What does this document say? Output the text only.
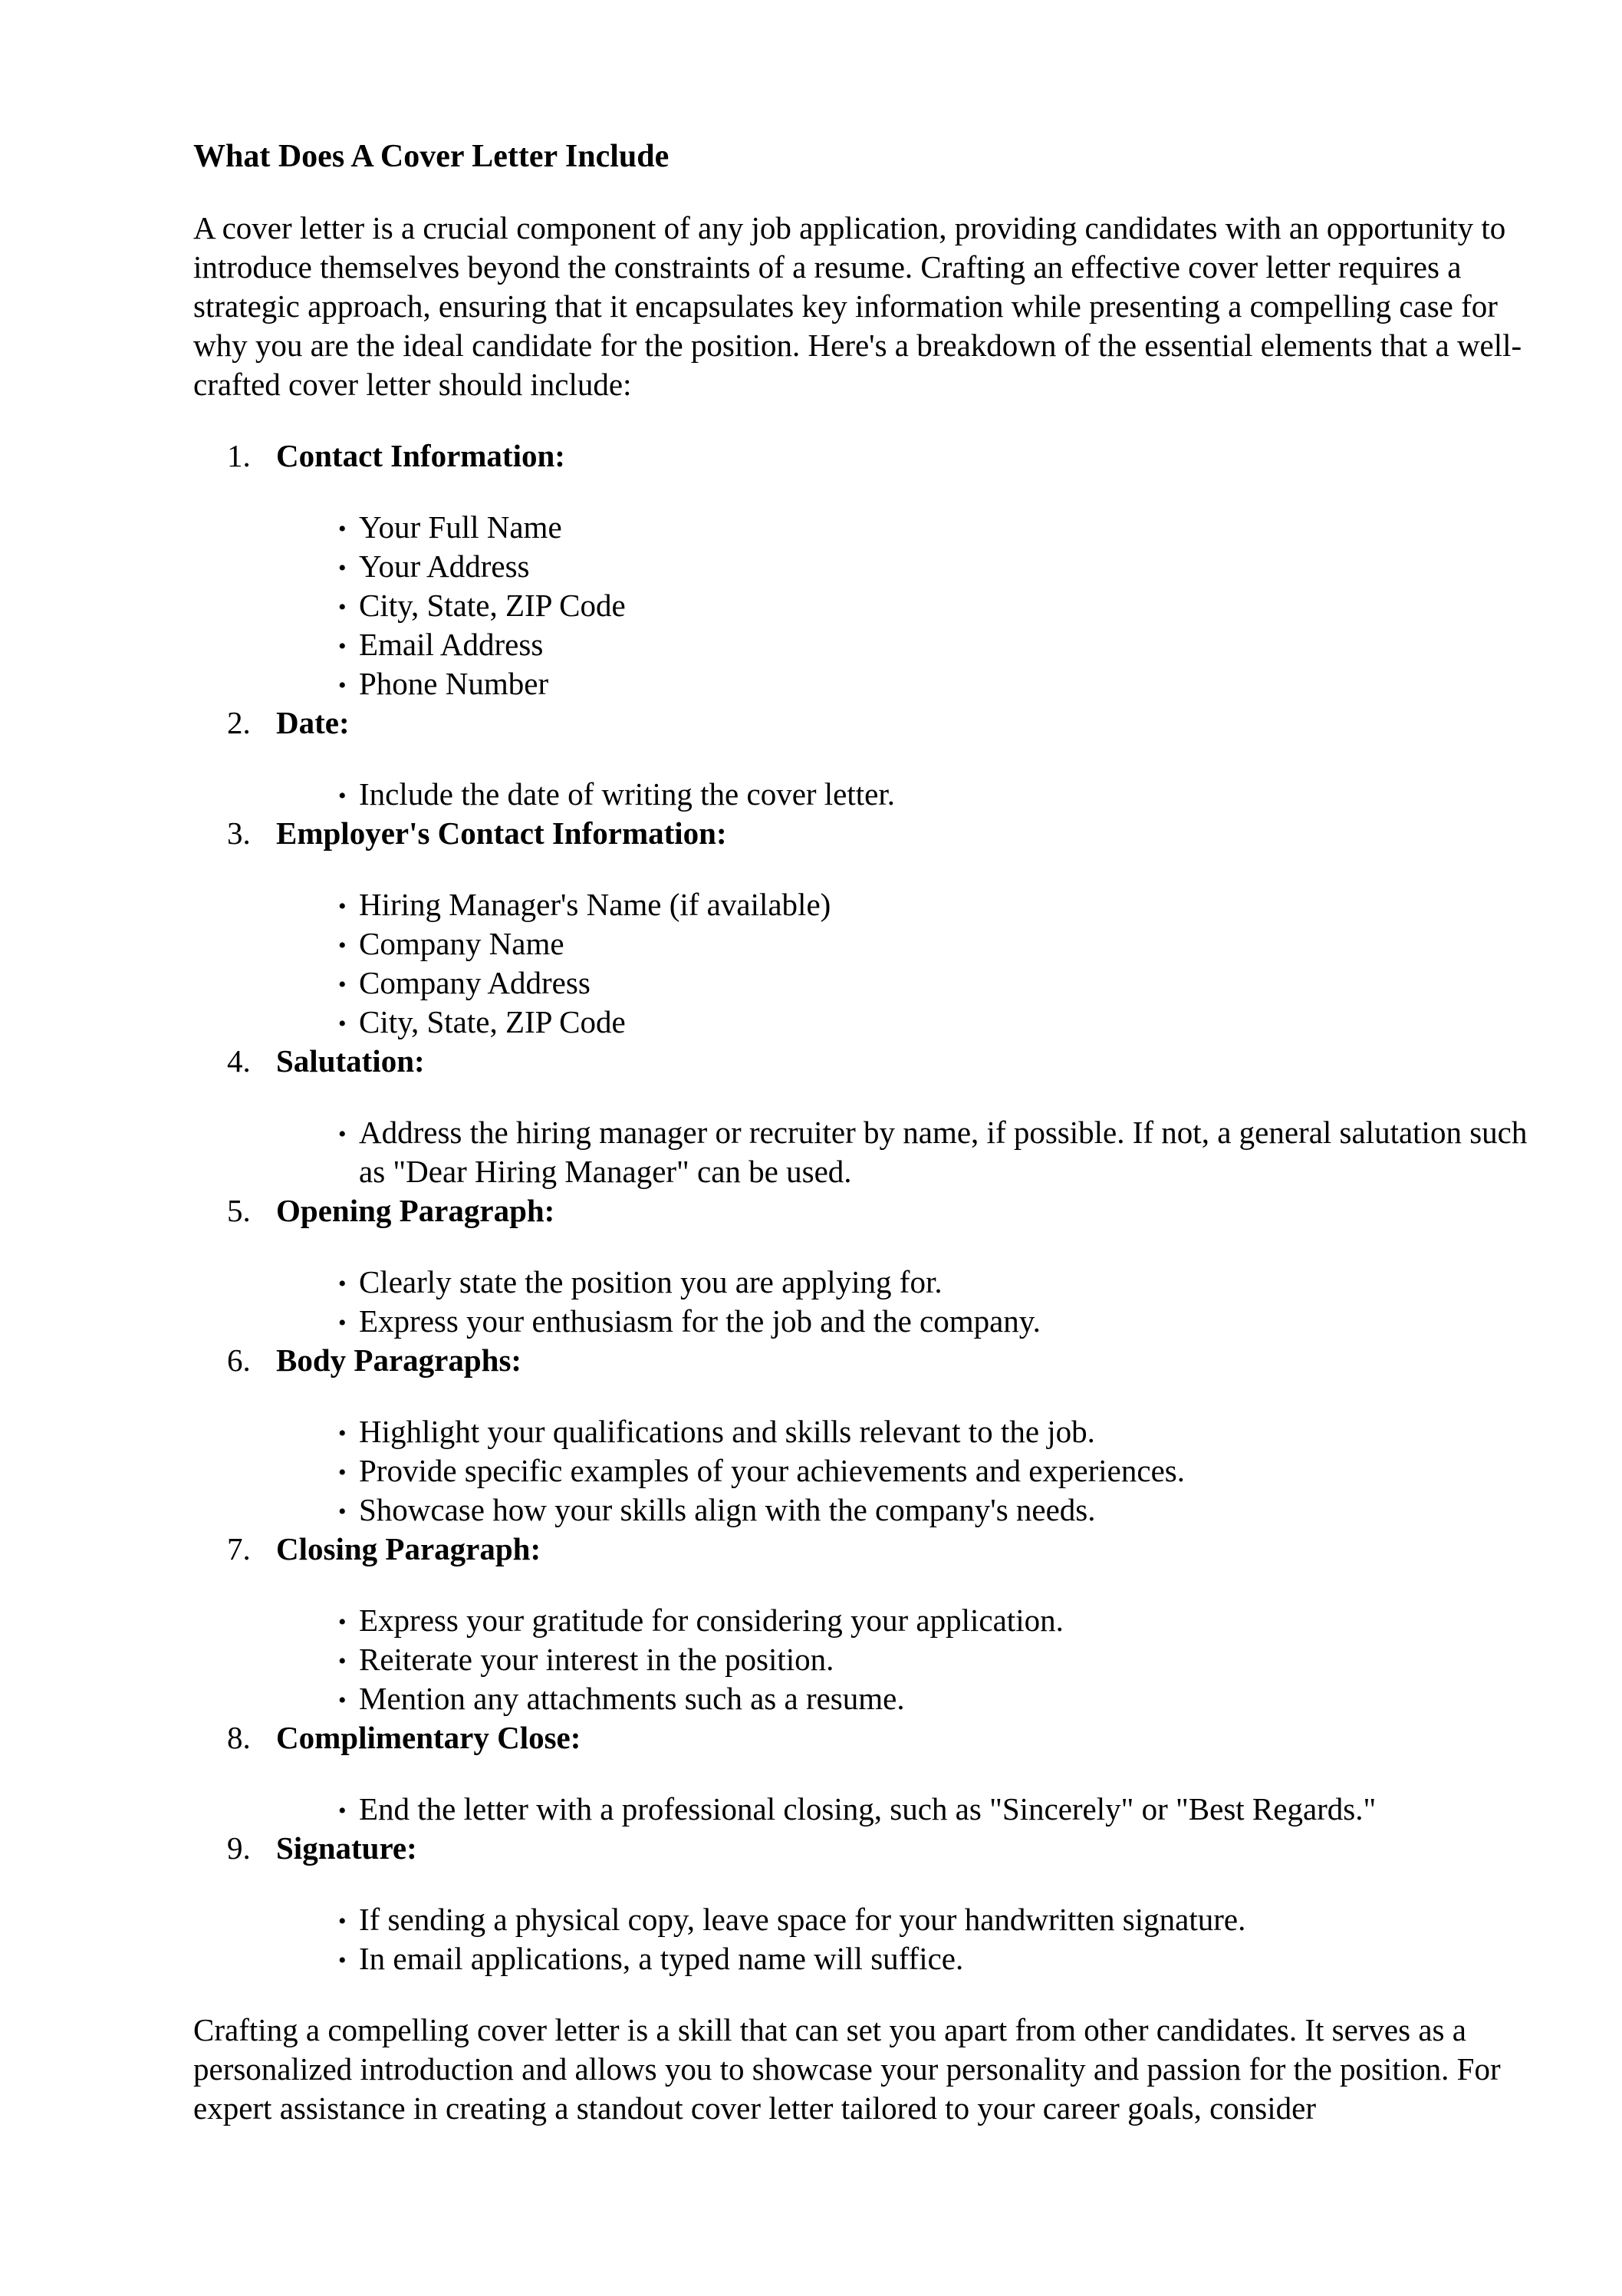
What Does A Cover Letter Include

A cover letter is a crucial component of any job application, providing candidates with an opportunity to introduce themselves beyond the constraints of a resume. Crafting an effective cover letter requires a strategic approach, ensuring that it encapsulates key information while presenting a compelling case for why you are the ideal candidate for the position. Here's a breakdown of the essential elements that a well-crafted cover letter should include:

1. Contact Information:
• Your Full Name
• Your Address
• City, State, ZIP Code
• Email Address
• Phone Number
2. Date:
• Include the date of writing the cover letter.
3. Employer's Contact Information:
• Hiring Manager's Name (if available)
• Company Name
• Company Address
• City, State, ZIP Code
4. Salutation:
• Address the hiring manager or recruiter by name, if possible. If not, a general salutation such as "Dear Hiring Manager" can be used.
5. Opening Paragraph:
• Clearly state the position you are applying for.
• Express your enthusiasm for the job and the company.
6. Body Paragraphs:
• Highlight your qualifications and skills relevant to the job.
• Provide specific examples of your achievements and experiences.
• Showcase how your skills align with the company's needs.
7. Closing Paragraph:
• Express your gratitude for considering your application.
• Reiterate your interest in the position.
• Mention any attachments such as a resume.
8. Complimentary Close:
• End the letter with a professional closing, such as "Sincerely" or "Best Regards."
9. Signature:
• If sending a physical copy, leave space for your handwritten signature.
• In email applications, a typed name will suffice.

Crafting a compelling cover letter is a skill that can set you apart from other candidates. It serves as a personalized introduction and allows you to showcase your personality and passion for the position. For expert assistance in creating a standout cover letter tailored to your career goals, consider
